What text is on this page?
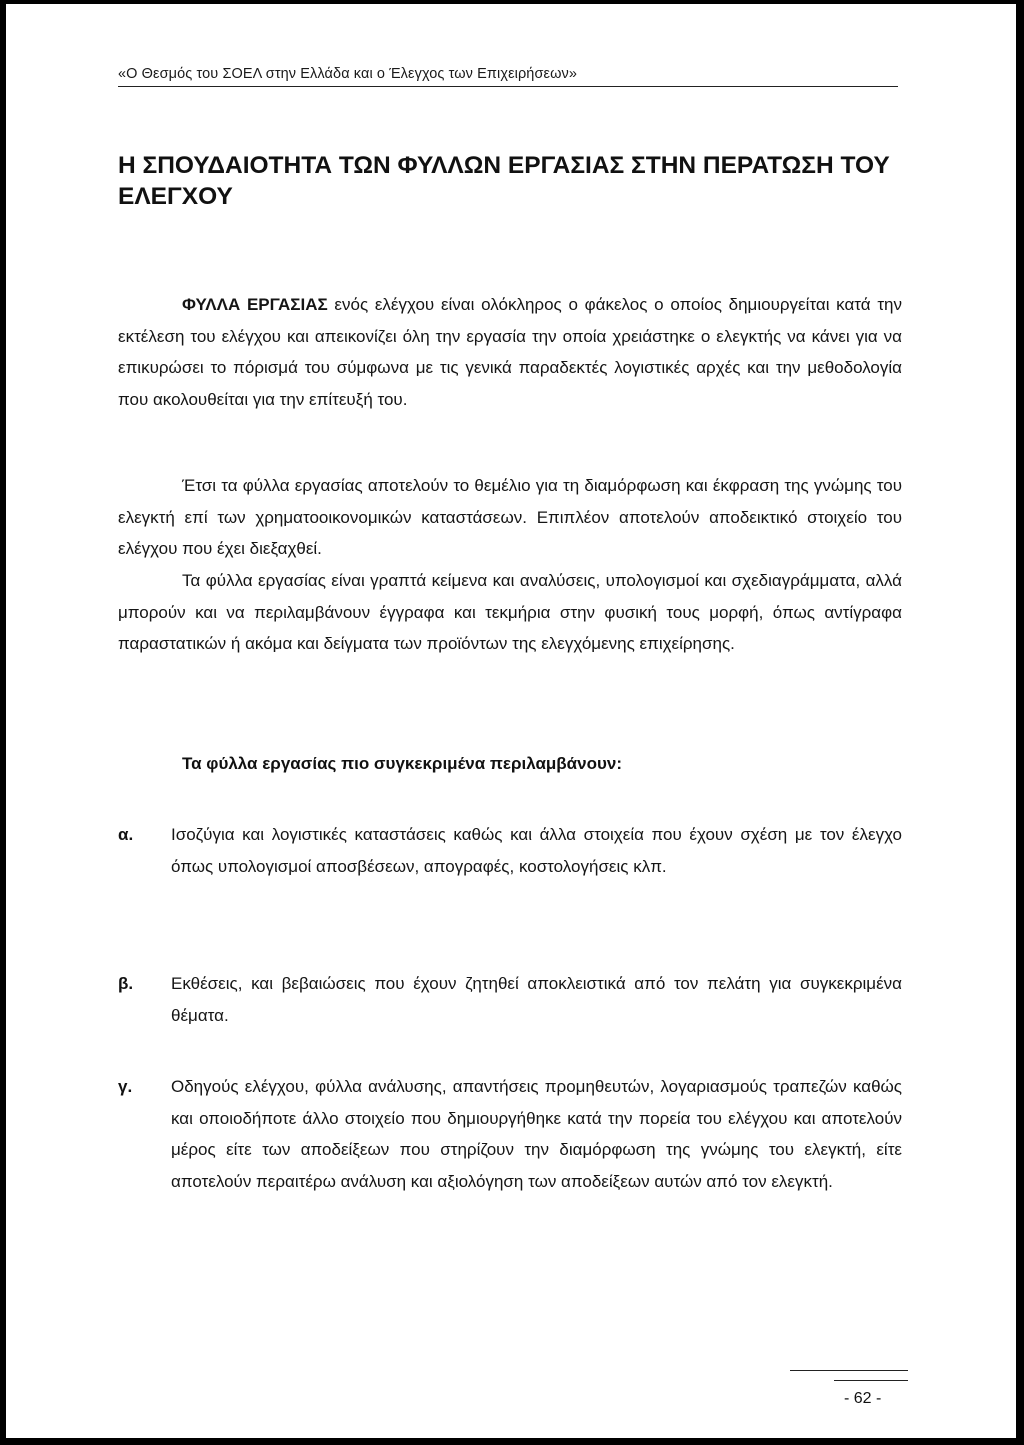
«Ο Θεσμός του ΣΟΕΛ στην Ελλάδα και ο Έλεγχος των Επιχειρήσεων»
Η ΣΠΟΥΔΑΙΟΤΗΤΑ ΤΩΝ ΦΥΛΛΩΝ ΕΡΓΑΣΙΑΣ ΣΤΗΝ ΠΕΡΑΤΩΣΗ ΤΟΥ ΕΛΕΓΧΟΥ

ΦΥΛΛΑ ΕΡΓΑΣΙΑΣ ενός ελέγχου είναι ολόκληρος ο φάκελος ο οποίος δημιουργείται κατά την εκτέλεση του ελέγχου και απεικονίζει όλη την εργασία την οποία χρειάστηκε ο ελεγκτής να κάνει για να επικυρώσει το πόρισμά του σύμφωνα με τις γενικά παραδεκτές λογιστικές αρχές και την μεθοδολογία που ακολουθείται για την επίτευξή του.

Έτσι τα φύλλα εργασίας αποτελούν το θεμέλιο για τη διαμόρφωση και έκφραση της γνώμης του ελεγκτή επί των χρηματοοικονομικών καταστάσεων. Επιπλέον αποτελούν αποδεικτικό στοιχείο του ελέγχου που έχει διεξαχθεί.

Τα φύλλα εργασίας είναι γραπτά κείμενα και αναλύσεις, υπολογισμοί και σχεδιαγράμματα, αλλά μπορούν και να περιλαμβάνουν έγγραφα και τεκμήρια στην φυσική τους μορφή, όπως αντίγραφα παραστατικών ή ακόμα και δείγματα των προϊόντων της ελεγχόμενης επιχείρησης.

Τα φύλλα εργασίας πιο συγκεκριμένα περιλαμβάνουν:
α. Ισοζύγια και λογιστικές καταστάσεις καθώς και άλλα στοιχεία που έχουν σχέση με τον έλεγχο όπως υπολογισμοί αποσβέσεων, απογραφές, κοστολογήσεις κλπ.

β. Εκθέσεις, και βεβαιώσεις που έχουν ζητηθεί αποκλειστικά από τον πελάτη για συγκεκριμένα θέματα.

γ. Οδηγούς ελέγχου, φύλλα ανάλυσης, απαντήσεις προμηθευτών, λογαριασμούς τραπεζών καθώς και οποιοδήποτε άλλο στοιχείο που δημιουργήθηκε κατά την πορεία του ελέγχου και αποτελούν μέρος είτε των αποδείξεων που στηρίζουν την διαμόρφωση της γνώμης του ελεγκτή, είτε αποτελούν περαιτέρω ανάλυση και αξιολόγηση των αποδείξεων αυτών από τον ελεγκτή.

- 62 -
